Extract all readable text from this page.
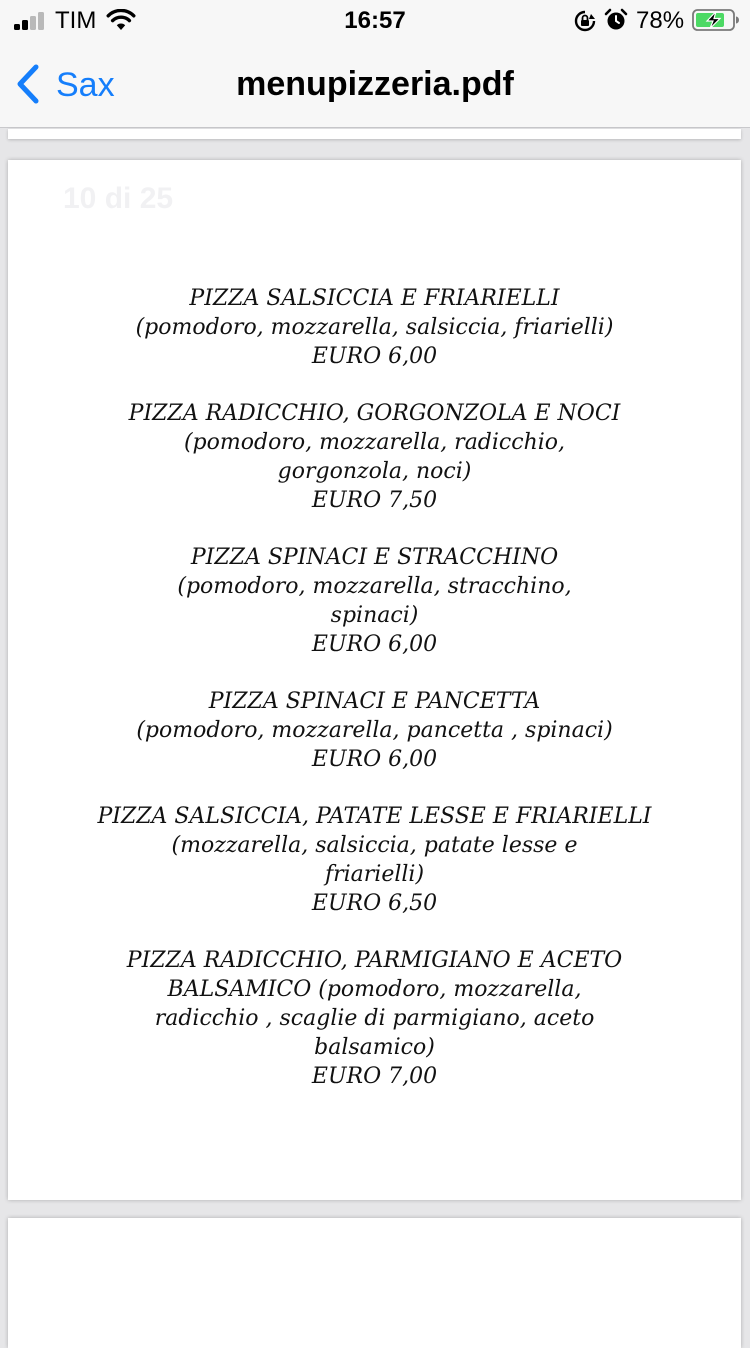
TIM	16:57	78%
Sax	menupizzeria.pdf
10 di 25
PIZZA SALSICCIA E FRIARIELLI
(pomodoro, mozzarella, salsiccia, friarielli)
EURO 6,00
PIZZA RADICCHIO, GORGONZOLA E NOCI
(pomodoro, mozzarella, radicchio,
gorgonzola, noci)
EURO 7,50
PIZZA SPINACI E STRACCHINO
(pomodoro, mozzarella, stracchino,
spinaci)
EURO 6,00
PIZZA SPINACI E PANCETTA
(pomodoro, mozzarella, pancetta , spinaci)
EURO 6,00
PIZZA SALSICCIA, PATATE LESSE E FRIARIELLI
(mozzarella, salsiccia, patate lesse e
friarielli)
EURO 6,50
PIZZA RADICCHIO, PARMIGIANO E ACETO
BALSAMICO (pomodoro, mozzarella,
radicchio , scaglie di parmigiano, aceto
balsamico)
EURO 7,00
